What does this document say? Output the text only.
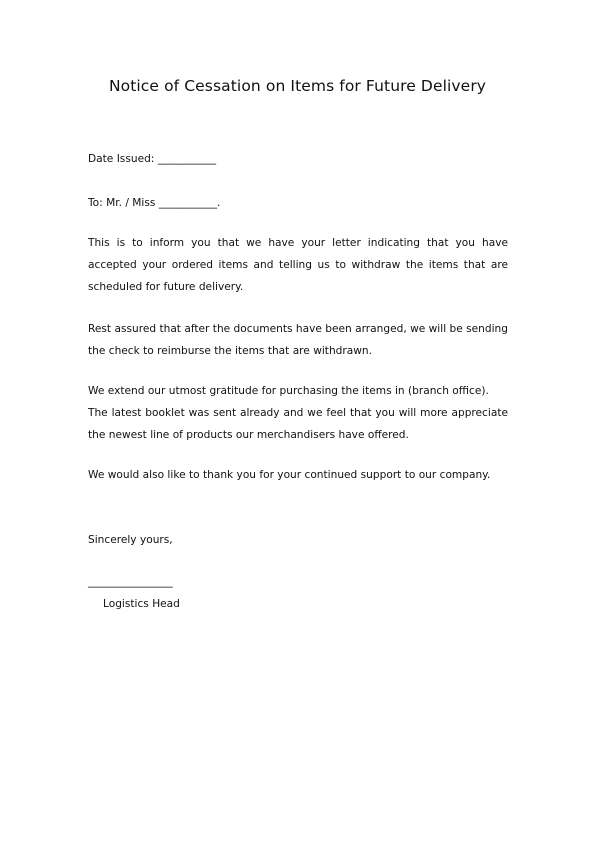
Notice of Cessation on Items for Future Delivery
Date Issued: ___________
To: Mr. / Miss ___________.
This is to inform you that we have your letter indicating that you have
accepted your ordered items and telling us to withdraw the items that are
scheduled for future delivery.
Rest assured that after the documents have been arranged, we will be sending
the check to reimburse the items that are withdrawn.
We extend our utmost gratitude for purchasing the items in (branch office).
The latest booklet was sent already and we feel that you will more appreciate
the newest line of products our merchandisers have offered.
We would also like to thank you for your continued support to our company.
Sincerely yours,
________________
Logistics Head
